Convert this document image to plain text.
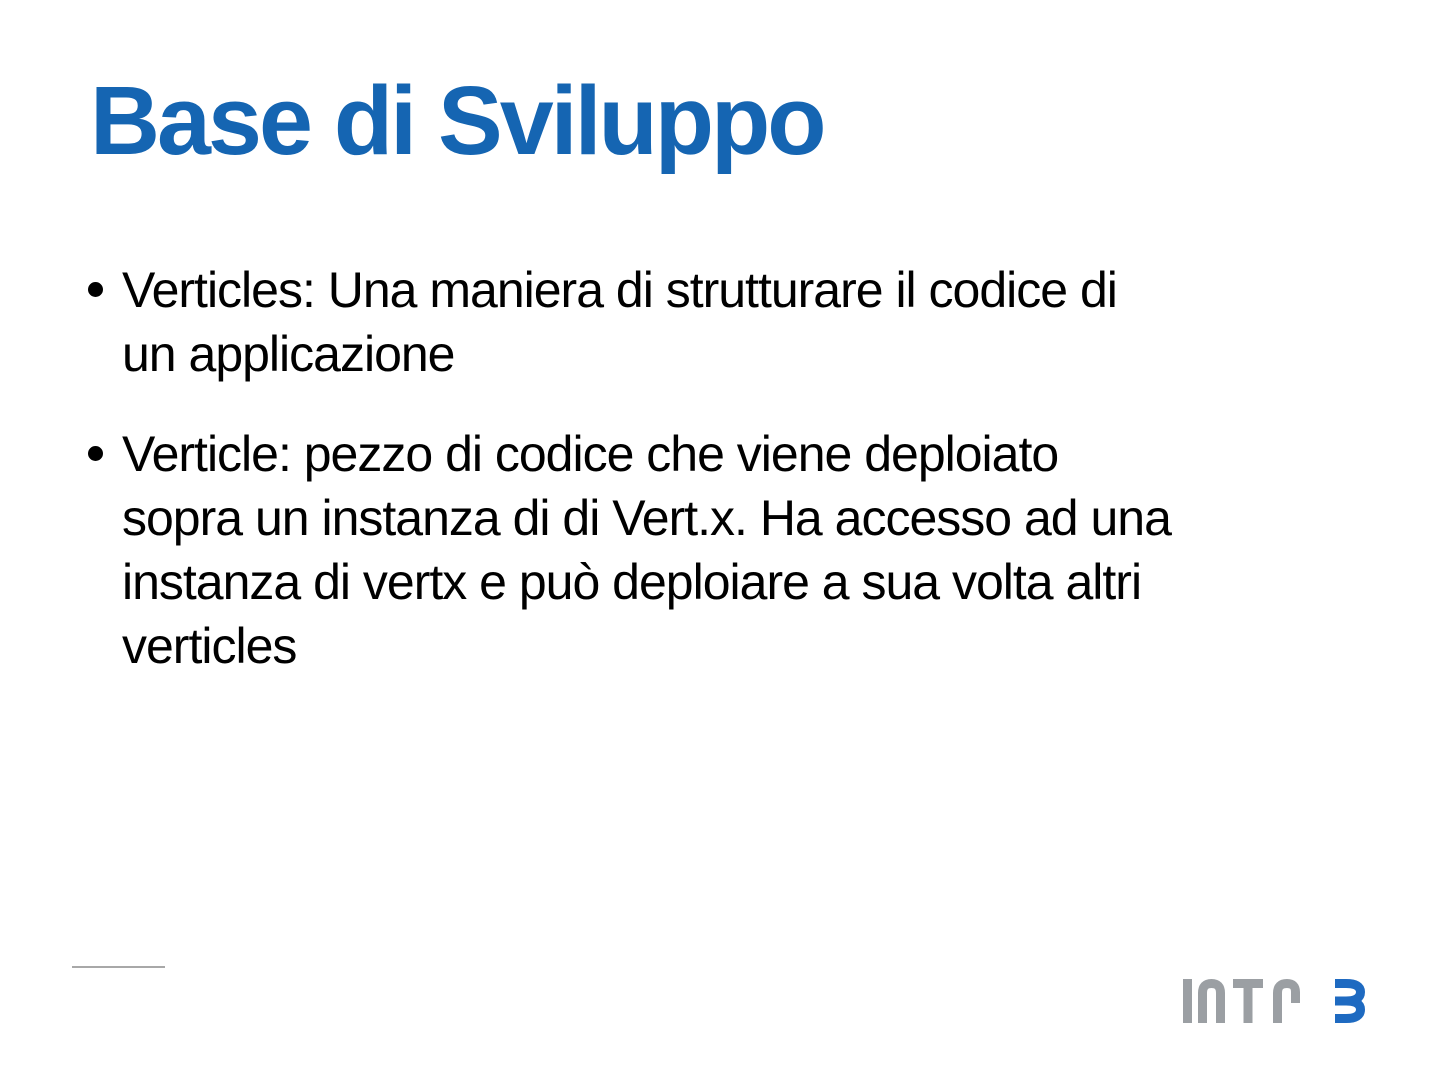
Base di Sviluppo
Verticles: Una maniera di strutturare il codice di
un applicazione
Verticle: pezzo di codice che viene deploiato
sopra un instanza di di Vert.x. Ha accesso ad una
instanza di vertx e può deploiare a sua volta altri
verticles
